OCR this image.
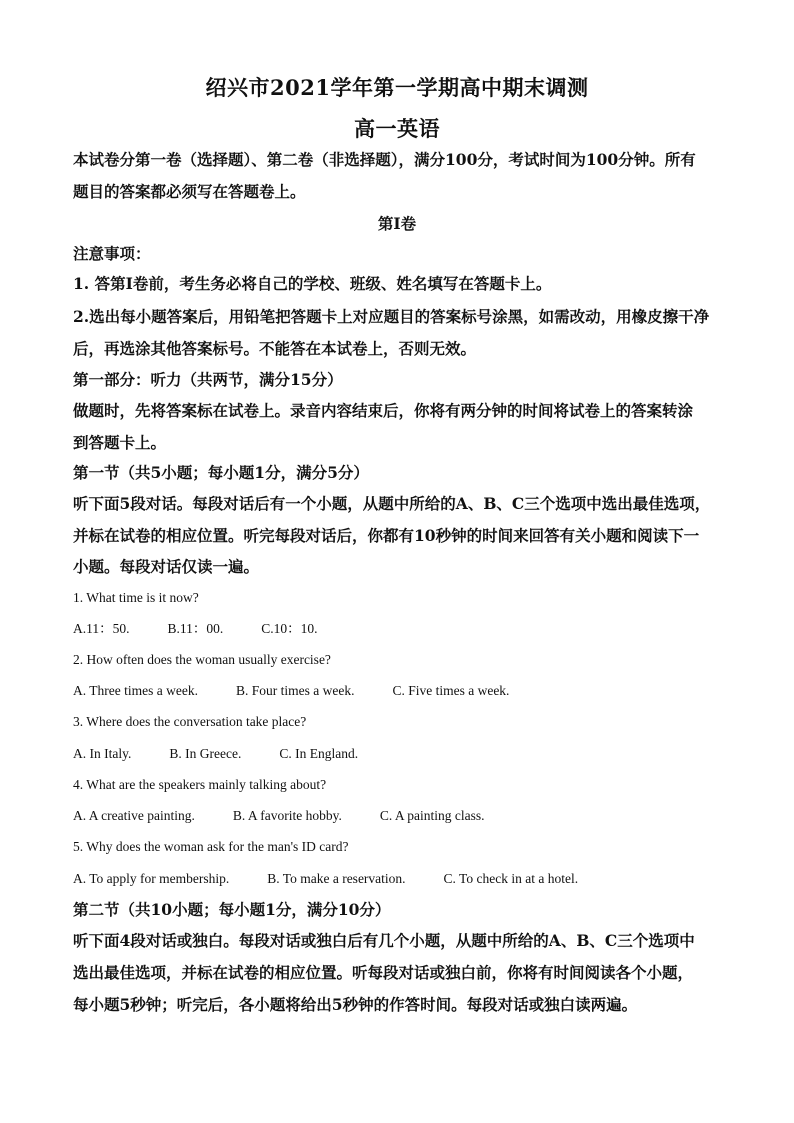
绍兴市2021学年第一学期高中期末调测
高一英语
本试卷分第一卷（选择题）、第二卷（非选择题），满分100分，考试时间为100分钟。所有
题目的答案都必须写在答题卷上。
第Ⅰ卷
注意事项：
1. 答第Ⅰ卷前，考生务必将自己的学校、班级、姓名填写在答题卡上。
2.选出每小题答案后，用铅笔把答题卡上对应题目的答案标号涂黑，如需改动，用橡皮擦干净
后，再选涂其他答案标号。不能答在本试卷上，否则无效。
第一部分：听力（共两节，满分15分）
做题时，先将答案标在试卷上。录音内容结束后，你将有两分钟的时间将试卷上的答案转涂
到答题卡上。
第一节（共5小题；每小题1分，满分5分）
听下面5段对话。每段对话后有一个小题，从题中所给的A、B、C三个选项中选出最佳选项，
并标在试卷的相应位置。听完每段对话后，你都有10秒钟的时间来回答有关小题和阅读下一
小题。每段对话仅读一遍。
1. What time is it now?
A.11：50.	B.11：00.	C.10：10.
2. How often does the woman usually exercise?
A. Three times a week.	B. Four times a week.	C. Five times a week.
3. Where does the conversation take place?
A. In Italy.	B. In Greece.	C. In England.
4. What are the speakers mainly talking about?
A. A creative painting.	B. A favorite hobby.	C. A painting class.
5. Why does the woman ask for the man's ID card?
A. To apply for membership.	B. To make a reservation.	C. To check in at a hotel.
第二节（共10小题；每小题1分，满分10分）
听下面4段对话或独白。每段对话或独白后有几个小题，从题中所给的A、B、C三个选项中
选出最佳选项，并标在试卷的相应位置。听每段对话或独白前，你将有时间阅读各个小题，
每小题5秒钟；听完后，各小题将给出5秒钟的作答时间。每段对话或独白读两遍。
